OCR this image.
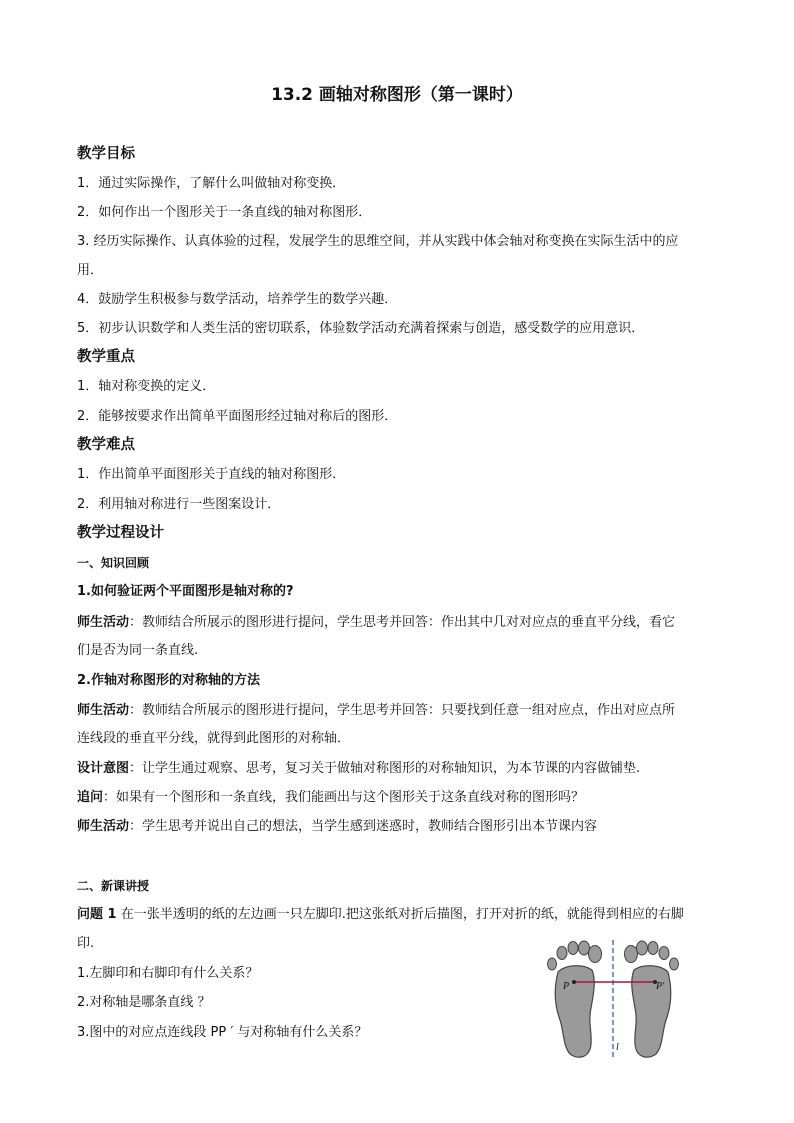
13.2 画轴对称图形（第一课时）
教学目标
1．通过实际操作，了解什么叫做轴对称变换．
2．如何作出一个图形关于一条直线的轴对称图形．
3. 经历实际操作、认真体验的过程，发展学生的思维空间，并从实践中体会轴对称变换在实际生活中的应
用．
4．鼓励学生积极参与数学活动，培养学生的数学兴趣．
5．初步认识数学和人类生活的密切联系，体验数学活动充满着探索与创造，感受数学的应用意识．
教学重点
1．轴对称变换的定义．
2．能够按要求作出简单平面图形经过轴对称后的图形．
教学难点
1．作出简单平面图形关于直线的轴对称图形．
2．利用轴对称进行一些图案设计．
教学过程设计
一、知识回顾
1.如何验证两个平面图形是轴对称的?
师生活动：教师结合所展示的图形进行提问，学生思考并回答：作出其中几对对应点的垂直平分线，看它
们是否为同一条直线.
2.作轴对称图形的对称轴的方法
师生活动：教师结合所展示的图形进行提问，学生思考并回答：只要找到任意一组对应点，作出对应点所
连线段的垂直平分线，就得到此图形的对称轴．
设计意图：让学生通过观察、思考，复习关于做轴对称图形的对称轴知识，为本节课的内容做铺垫.
追问：如果有一个图形和一条直线，我们能画出与这个图形关于这条直线对称的图形吗？
师生活动：学生思考并说出自己的想法，当学生感到迷惑时，教师结合图形引出本节课内容
二、新课讲授
问题 1 在一张半透明的纸的左边画一只左脚印.把这张纸对折后描图，打开对折的纸，就能得到相应的右脚
印.
1.左脚印和右脚印有什么关系？
2.对称轴是哪条直线 ？
3.图中的对应点连线段 PP ′ 与对称轴有什么关系？
P	P′
l
